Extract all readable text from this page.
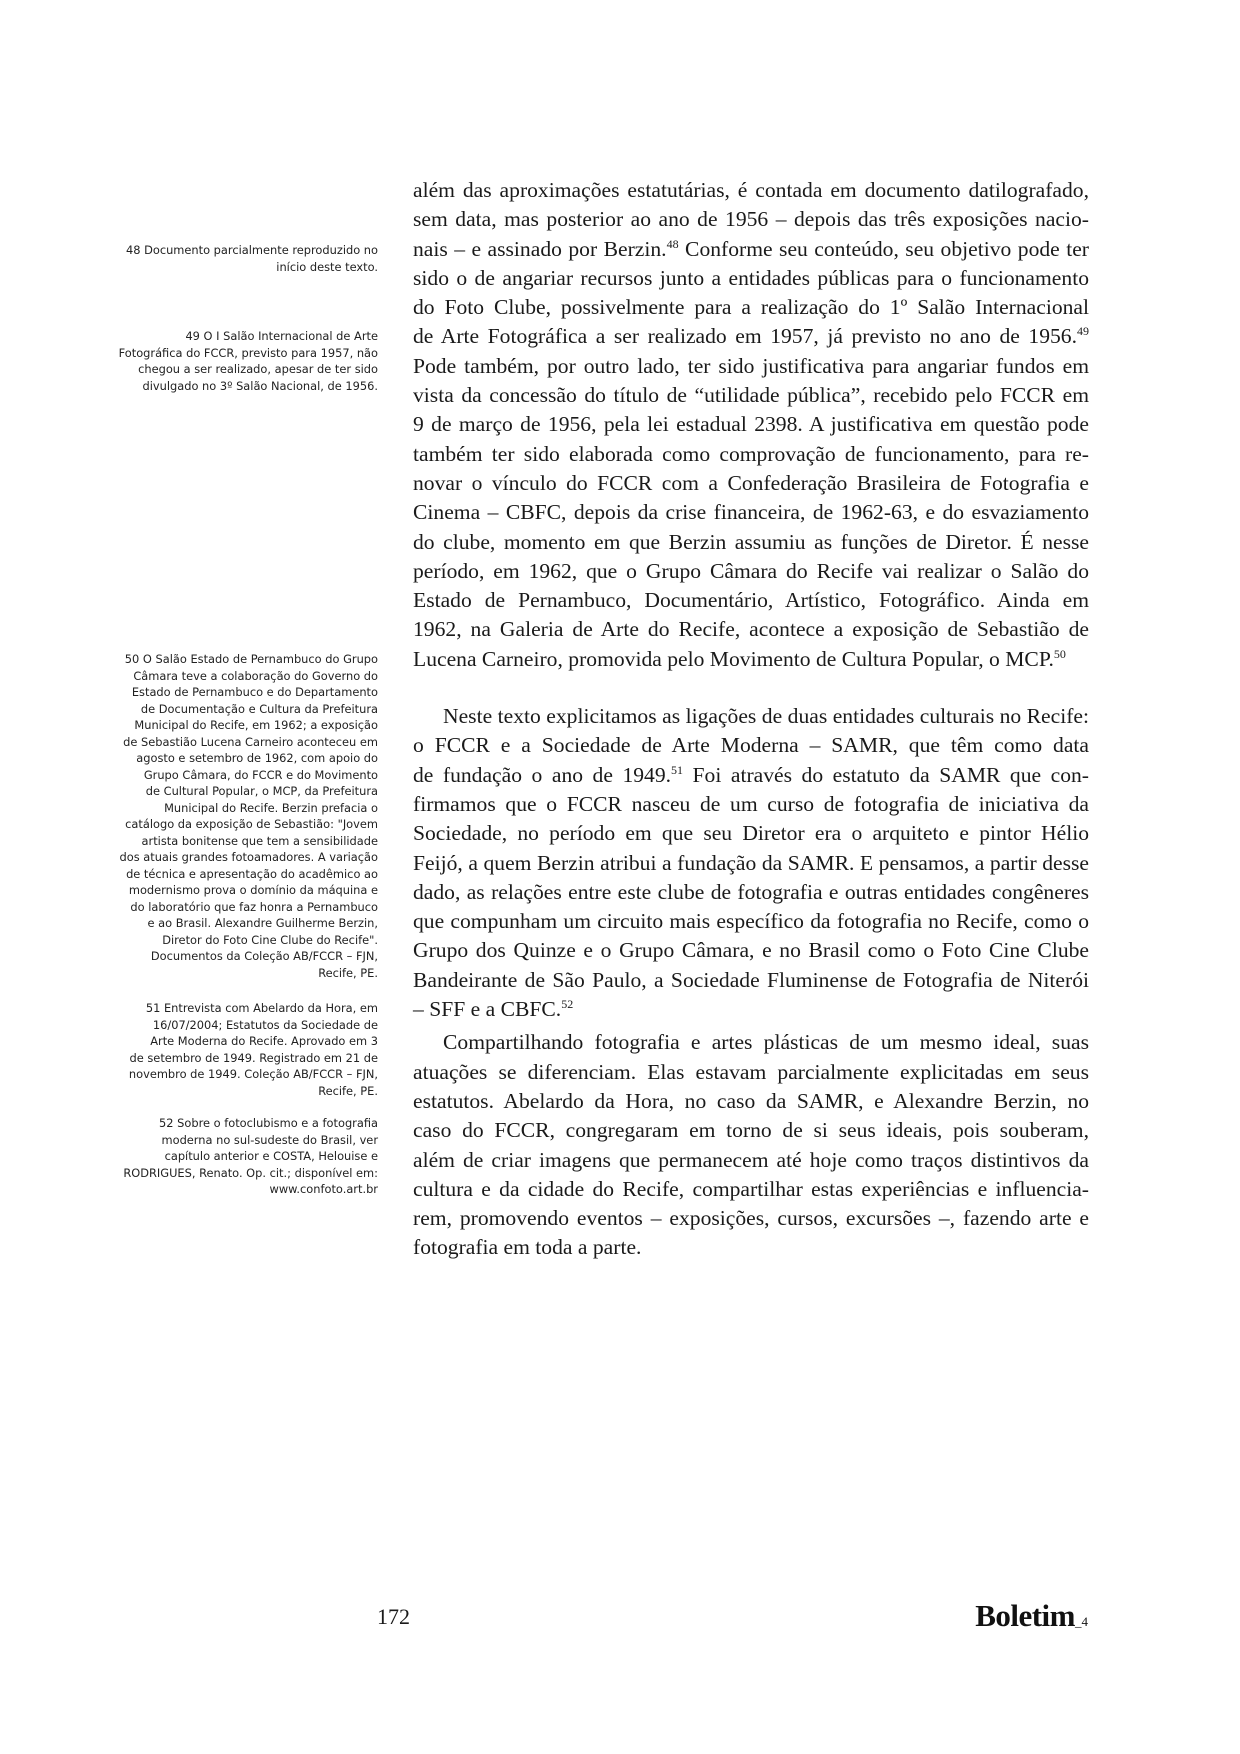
48 Documento parcialmente reproduzido no
início deste texto.

49 O I Salão Internacional de Arte
Fotográfica do FCCR, previsto para 1957, não
chegou a ser realizado, apesar de ter sido
divulgado no 3º Salão Nacional, de 1956.

50 O Salão Estado de Pernambuco do Grupo
Câmara teve a colaboração do Governo do
Estado de Pernambuco e do Departamento
de Documentação e Cultura da Prefeitura
Municipal do Recife, em 1962; a exposição
de Sebastião Lucena Carneiro aconteceu em
agosto e setembro de 1962, com apoio do
Grupo Câmara, do FCCR e do Movimento
de Cultural Popular, o MCP, da Prefeitura
Municipal do Recife. Berzin prefacia o
catálogo da exposição de Sebastião: "Jovem
artista bonitense que tem a sensibilidade
dos atuais grandes fotoamadores. A variação
de técnica e apresentação do acadêmico ao
modernismo prova o domínio da máquina e
do laboratório que faz honra a Pernambuco
e ao Brasil. Alexandre Guilherme Berzin,
Diretor do Foto Cine Clube do Recife".
Documentos da Coleção AB/FCCR – FJN,
Recife, PE.

51 Entrevista com Abelardo da Hora, em
16/07/2004; Estatutos da Sociedade de
Arte Moderna do Recife. Aprovado em 3
de setembro de 1949. Registrado em 21 de
novembro de 1949. Coleção AB/FCCR – FJN,
Recife, PE.

52 Sobre o fotoclubismo e a fotografia
moderna no sul-sudeste do Brasil, ver
capítulo anterior e COSTA, Helouise e
RODRIGUES, Renato. Op. cit.; disponível em:
www.confoto.art.br

além das aproximações estatutárias, é contada em documento datilografado,
sem data, mas posterior ao ano de 1956 – depois das três exposições nacio-
nais – e assinado por Berzin.$^{48}$ Conforme seu conteúdo, seu objetivo pode ter
sido o de angariar recursos junto a entidades públicas para o funcionamento
do Foto Clube, possivelmente para a realização do 1º Salão Internacional
de Arte Fotográfica a ser realizado em 1957, já previsto no ano de 1956.49
Pode também, por outro lado, ter sido justificativa para angariar fundos em
vista da concessão do título de “utilidade pública”, recebido pelo FCCR em
9 de março de 1956, pela lei estadual 2398. A justificativa em questão pode
também ter sido elaborada como comprovação de funcionamento, para re-
novar o vínculo do FCCR com a Confederação Brasileira de Fotografia e
Cinema – CBFC, depois da crise financeira, de 1962-63, e do esvaziamento
do clube, momento em que Berzin assumiu as funções de Diretor. É nesse
período, em 1962, que o Grupo Câmara do Recife vai realizar o Salão do
Estado de Pernambuco, Documentário, Artístico, Fotográfico. Ainda em
1962, na Galeria de Arte do Recife, acontece a exposição de Sebastião de
Lucena Carneiro, promovida pelo Movimento de Cultura Popular, o MCP.$^{50}$

Neste texto explicitamos as ligações de duas entidades culturais no Recife:
o FCCR e a Sociedade de Arte Moderna – SAMR, que têm como data
de fundação o ano de 1949.51 Foi através do estatuto da SAMR que con-
firmamos que o FCCR nasceu de um curso de fotografia de iniciativa da
Sociedade, no período em que seu Diretor era o arquiteto e pintor Hélio
Feijó, a quem Berzin atribui a fundação da SAMR. E pensamos, a partir desse
dado, as relações entre este clube de fotografia e outras entidades congêneres
que compunham um circuito mais específico da fotografia no Recife, como o
Grupo dos Quinze e o Grupo Câmara, e no Brasil como o Foto Cine Clube
Bandeirante de São Paulo, a Sociedade Fluminense de Fotografia de Niterói
– SFF e a CBFC.$^{52}$

Compartilhando fotografia e artes plásticas de um mesmo ideal, suas
atuações se diferenciam. Elas estavam parcialmente explicitadas em seus
estatutos. Abelardo da Hora, no caso da SAMR, e Alexandre Berzin, no
caso do FCCR, congregaram em torno de si seus ideais, pois souberam,
além de criar imagens que permanecem até hoje como traços distintivos da
cultura e da cidade do Recife, compartilhar estas experiências e influencia-
rem, promovendo eventos – exposições, cursos, excursões –, fazendo arte e
fotografia em toda a parte.

172	Boletim_4
